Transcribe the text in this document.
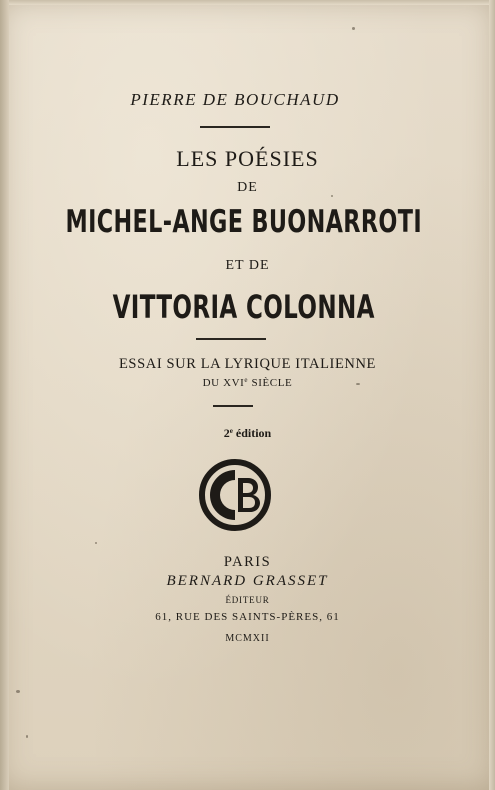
PIERRE DE BOUCHAUD
LES POÉSIES
DE
MICHEL-ANGE BUONARROTI
ET DE
VITTORIA COLONNA
ESSAI SUR LA LYRIQUE ITALIENNE
DU XVIe SIÈCLE
2e édition
PARIS
BERNARD GRASSET
ÉDITEUR
61, RUE DES SAINTS-PÈRES, 61
MCMXII
